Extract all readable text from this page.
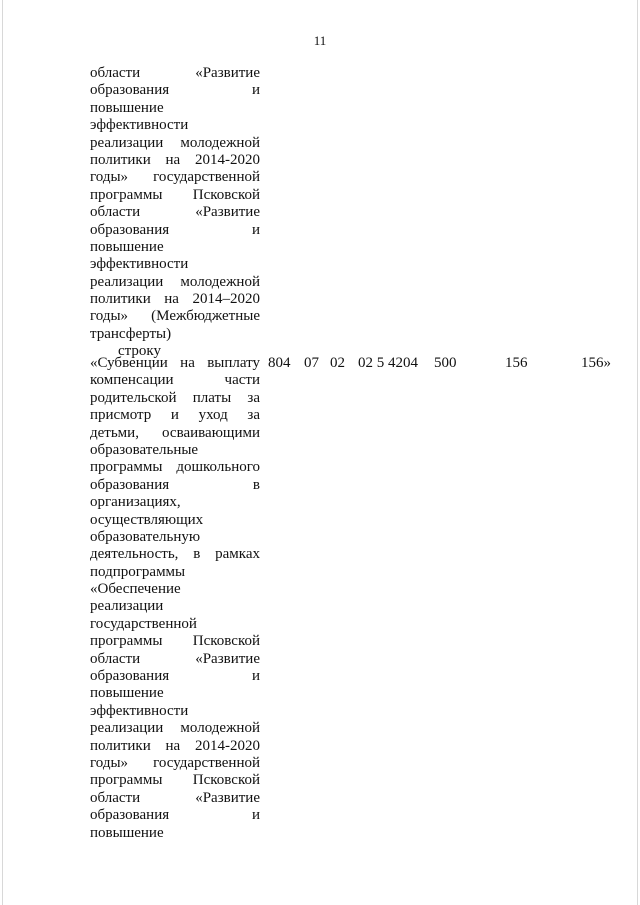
11
области «Развитие
образования и
повышение
эффективности
реализации молодежной
политики на 2014-2020
годы» государственной
программы Псковской
области «Развитие
образования и
повышение
эффективности
реализации молодежной
политики на 2014–2020
годы» (Межбюджетные
трансферты)
строку
«Субвенции на выплату
компенсации части
родительской платы за
присмотр и уход за
детьми, осваивающими
образовательные
программы дошкольного
образования в
организациях,
осуществляющих
образовательную
деятельность, в рамках
подпрограммы
«Обеспечение
реализации
государственной
программы Псковской
области «Развитие
образования и
повышение
эффективности
реализации молодежной
политики на 2014-2020
годы» государственной
программы Псковской
области «Развитие
образования и
повышение
804 07 02 02 5 4204 500	156	156»
